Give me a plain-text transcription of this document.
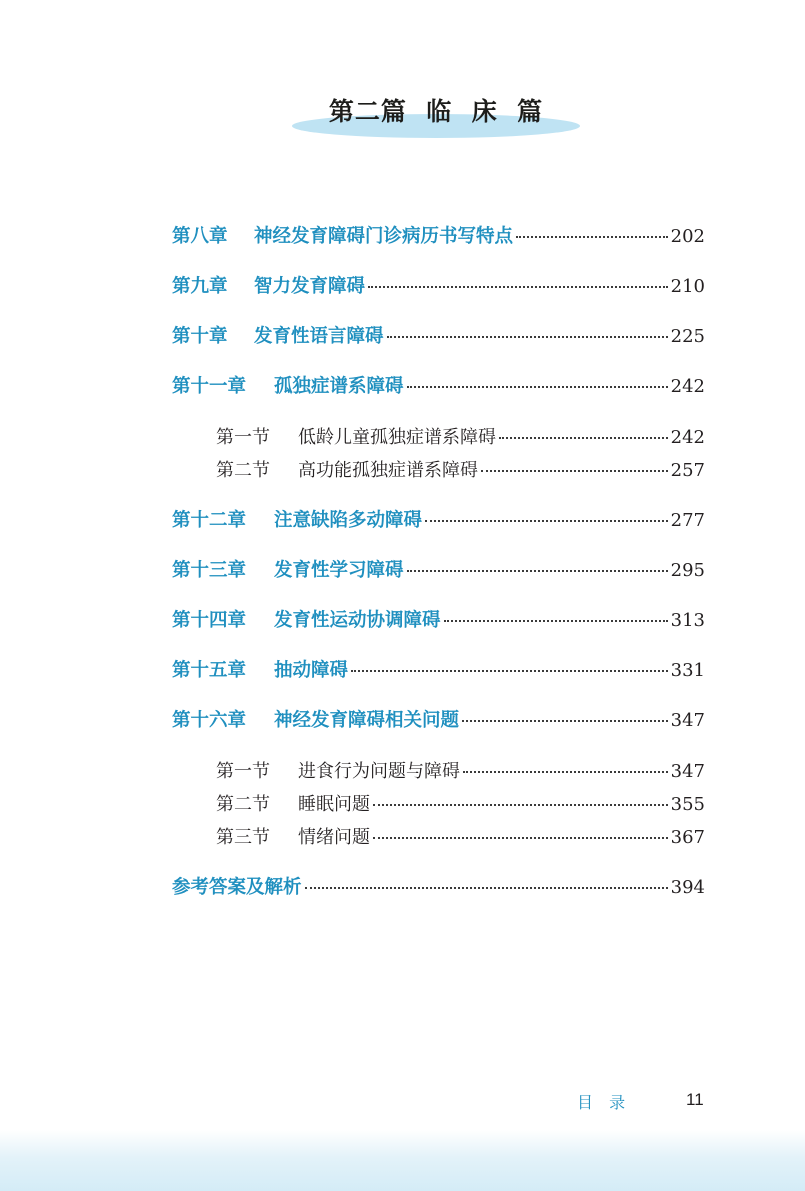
第二篇  临  床  篇
第八章	神经发育障碍门诊病历书写特点	202
第九章	智力发育障碍	210
第十章	发育性语言障碍	225
第十一章	孤独症谱系障碍	242
第一节	低龄儿童孤独症谱系障碍	242
第二节	高功能孤独症谱系障碍	257
第十二章	注意缺陷多动障碍	277
第十三章	发育性学习障碍	295
第十四章	发育性运动协调障碍	313
第十五章	抽动障碍	331
第十六章	神经发育障碍相关问题	347
第一节	进食行为问题与障碍	347
第二节	睡眠问题	355
第三节	情绪问题	367
参考答案及解析	394
目  录	11
